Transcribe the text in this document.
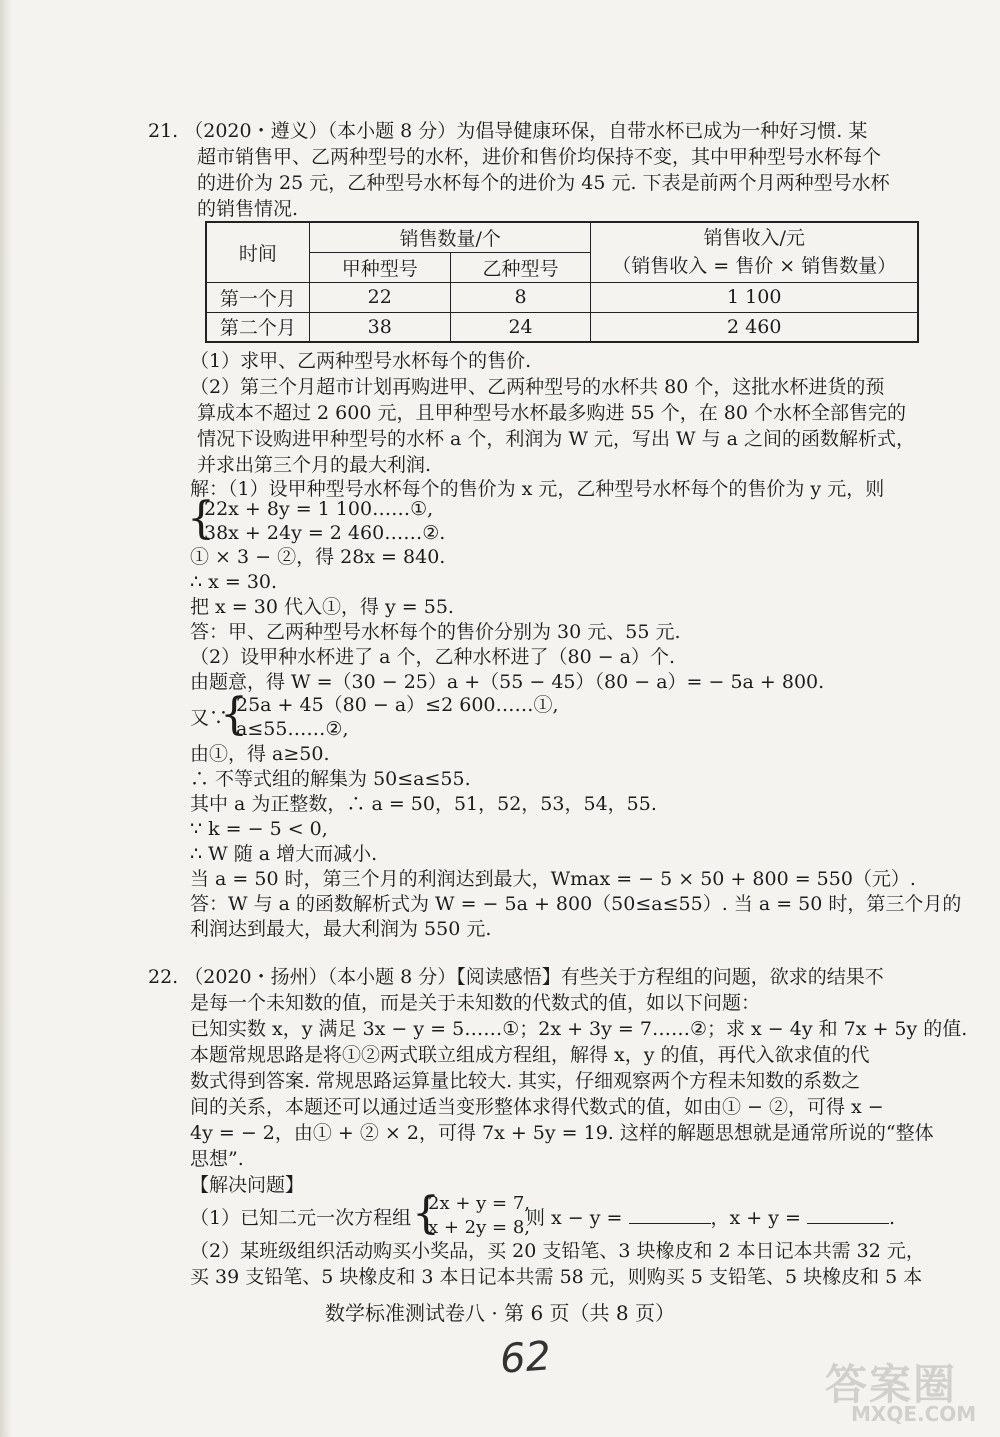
21. （2020・遵义）（本小题 8 分）为倡导健康环保，自带水杯已成为一种好习惯. 某
超市销售甲、乙两种型号的水杯，进价和售价均保持不变，其中甲种型号水杯每个
的进价为 25 元，乙种型号水杯每个的进价为 45 元. 下表是前两个月两种型号水杯
的销售情况.
时间	销售数量/个		销售收入/元
（销售收入 = 售价 × 销售数量）

	甲种型号	乙种型号	
第一个月	22	8	1 100
第二个月	38	24	2 460
（1）求甲、乙两种型号水杯每个的售价.
（2）第三个月超市计划再购进甲、乙两种型号的水杯共 80 个，这批水杯进货的预
算成本不超过 2 600 元，且甲种型号水杯最多购进 55 个，在 80 个水杯全部售完的
情况下设购进甲种型号的水杯 a 个，利润为 W 元，写出 W 与 a 之间的函数解析式，
并求出第三个月的最大利润.
解：（1）设甲种型号水杯每个的售价为 x 元，乙种型号水杯每个的售价为 y 元，则
{
22x + 8y = 1 100……①,
38x + 24y = 2 460……②.
① × 3 − ②，得 28x = 840.
∴ x = 30.
把 x = 30 代入①，得 y = 55.
答：甲、乙两种型号水杯每个的售价分别为 30 元、55 元.
（2）设甲种水杯进了 a 个，乙种水杯进了（80 − a）个.
由题意，得 W =（30 − 25）a +（55 − 45）（80 − a）= − 5a + 800.
又∵
{
25a + 45（80 − a）≤2 600……①,
a≤55……②,
由①，得 a≥50.
∴ 不等式组的解集为 50≤a≤55.
其中 a 为正整数，∴ a = 50，51，52，53，54，55.
∵ k = − 5 < 0,
∴ W 随 a 增大而减小.
当 a = 50 时，第三个月的利润达到最大，Wmax = − 5 × 50 + 800 = 550（元）.
答：W 与 a 的函数解析式为 W = − 5a + 800（50≤a≤55）. 当 a = 50 时，第三个月的
利润达到最大，最大利润为 550 元.
22. （2020・扬州）（本小题 8 分）【阅读感悟】有些关于方程组的问题，欲求的结果不
是每一个未知数的值，而是关于未知数的代数式的值，如以下问题：
已知实数 x，y 满足 3x − y = 5……①；2x + 3y = 7……②；求 x − 4y 和 7x + 5y 的值.
本题常规思路是将①②两式联立组成方程组，解得 x，y 的值，再代入欲求值的代
数式得到答案. 常规思路运算量比较大. 其实，仔细观察两个方程未知数的系数之
间的关系，本题还可以通过适当变形整体求得代数式的值，如由① − ②，可得 x −
4y = − 2，由① + ② × 2，可得 7x + 5y = 19. 这样的解题思想就是通常所说的“整体
思想”.
【解决问题】
（1）已知二元一次方程组 {
2x + y = 7,
x + 2y = 8,
则 x − y =	，x + y =	.
（2）某班级组织活动购买小奖品，买 20 支铅笔、3 块橡皮和 2 本日记本共需 32 元，
买 39 支铅笔、5 块橡皮和 3 本日记本共需 58 元，则购买 5 支铅笔、5 块橡皮和 5 本
数学标准测试卷八 · 第 6 页（共 8 页）
62
答案圈
MXQE.COM
